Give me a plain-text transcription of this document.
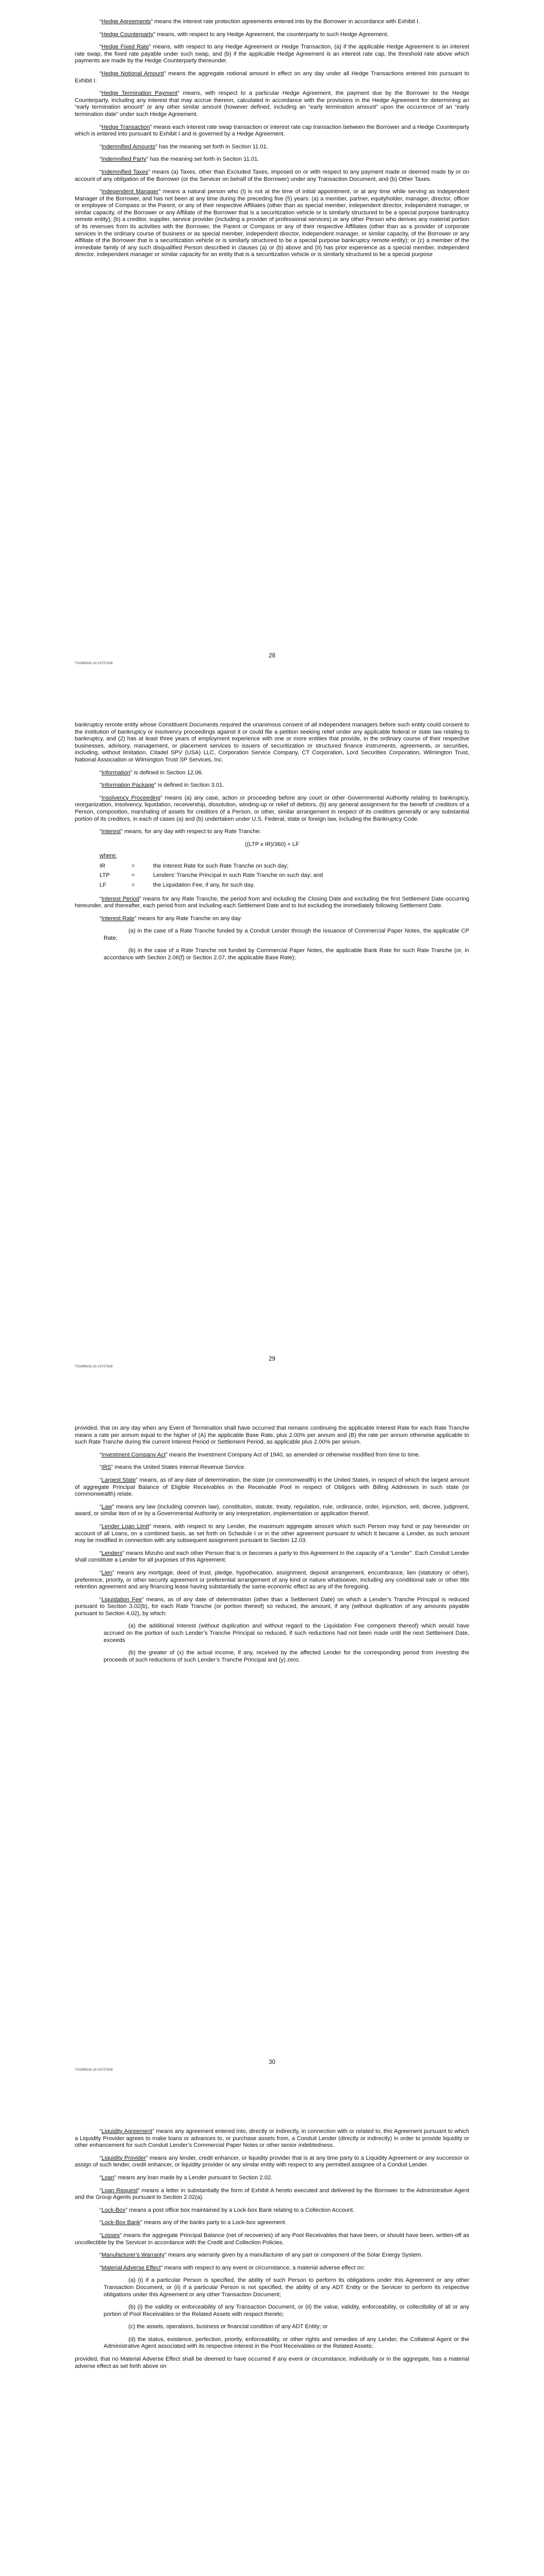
“Hedge Agreements” means the interest rate protection agreements entered into by the Borrower in accordance with Exhibit I.

“Hedge Counterparty” means, with respect to any Hedge Agreement, the counterparty to such Hedge Agreement.

“Hedge Fixed Rate” means, with respect to any Hedge Agreement or Hedge Transaction, (a) if the applicable Hedge Agreement is an interest rate swap, the fixed rate payable under such swap, and (b) if the applicable Hedge Agreement is an interest rate cap, the threshold rate above which payments are made by the Hedge Counterparty thereunder.

“Hedge Notional Amount” means the aggregate notional amount in effect on any day under all Hedge Transactions entered into pursuant to Exhibit I.

“Hedge Termination Payment” means, with respect to a particular Hedge Agreement, the payment due by the Borrower to the Hedge Counterparty, including any interest that may accrue thereon, calculated in accordance with the provisions in the Hedge Agreement for determining an “early termination amount” or any other similar amount (however defined, including an “early termination amount” upon the occurrence of an “early termination date” under such Hedge Agreement.

“Hedge Transaction” means each interest rate swap transaction or interest rate cap transaction between the Borrower and a Hedge Counterparty which is entered into pursuant to Exhibit I and is governed by a Hedge Agreement.

“Indemnified Amounts” has the meaning set forth in Section 11.01.

“Indemnified Party” has the meaning set forth in Section 11.01.

“Indemnified Taxes” means (a) Taxes, other than Excluded Taxes, imposed on or with respect to any payment made or deemed made by or on account of any obligation of the Borrower (or the Servicer on behalf of the Borrower) under any Transaction Document, and (b) Other Taxes.

“Independent Manager” means a natural person who (I) is not at the time of initial appointment, or at any time while serving as Independent Manager of the Borrower, and has not been at any time during the preceding five (5) years: (a) a member, partner, equityholder, manager, director, officer or employee of Compass or the Parent, or any of their respective Affiliates (other than as special member, independent director, independent manager, or similar capacity, of the Borrower or any Affiliate of the Borrower that is a securitization vehicle or is similarly structured to be a special purpose bankruptcy remote entity); (b) a creditor, supplier, service provider (including a provider of professional services) or any other Person who derives any material portion of its revenues from its activities with the Borrower, the Parent or Compass or any of their respective Affiliates (other than as a provider of corporate services in the ordinary course of business or as special member, independent director, independent manager, or similar capacity, of the Borrower or any Affiliate of the Borrower that is a securitization vehicle or is similarly structured to be a special purpose bankruptcy remote entity); or (c) a member of the immediate family of any such disqualified Person described in clauses (a) or (b) above and (II) has prior experience as a special member, independent director, independent manager or similar capacity for an entity that is a securitization vehicle or is similarly structured to be a special purpose

TS1495181.10 22727329
28

bankruptcy remote entity whose Constituent Documents required the unanimous consent of all independent managers before such entity could consent to the institution of bankruptcy or insolvency proceedings against it or could file a petition seeking relief under any applicable federal or state law relating to bankruptcy, and (2) has at least three years of employment experience with one or more entities that provide, in the ordinary course of their respective businesses, advisory, management, or placement services to issuers of securitization or structured finance instruments, agreements, or securities, including, without limitation, Citadel SPV (USA) LLC, Corporation Service Company, CT Corporation, Lord Securities Corporation, Wilmington Trust, National Association or Wilmington Trust SP Services, Inc.

“Information” is defined in Section 12.06.

“Information Package” is defined in Section 3.01.

“Insolvency Proceeding” means (a) any case, action or proceeding before any court or other Governmental Authority relating to bankruptcy, reorganization, insolvency, liquidation, receivership, dissolution, winding-up or relief of debtors, (b) any general assignment for the benefit of creditors of a Person, composition, marshaling of assets for creditors of a Person, or other, similar arrangement in respect of its creditors generally or any substantial portion of its creditors, in each of cases (a) and (b) undertaken under U.S. Federal, state or foreign law, including the Bankruptcy Code.

“Interest” means, for any day with respect to any Rate Tranche:

((LTP x IR)/360) + LF
where:
IR	=	the Interest Rate for such Rate Tranche on such day;
LTP	=	Lenders’ Tranche Principal in such Rate Tranche on such day; and
LF	=	the Liquidation Fee, if any, for such day.

“Interest Period” means for any Rate Tranche, the period from and including the Closing Date and excluding the first Settlement Date occurring hereunder, and thereafter, each period from and including each Settlement Date and to but excluding the immediately following Settlement Date.

“Interest Rate” means for any Rate Tranche on any day:

(a) in the case of a Rate Tranche funded by a Conduit Lender through the issuance of Commercial Paper Notes, the applicable CP Rate;

(b) in the case of a Rate Tranche not funded by Commercial Paper Notes, the applicable Bank Rate for such Rate Tranche (or, in accordance with Section 2.06(f) or Section 2.07, the applicable Base Rate);

TS1495181.10 22727329
29

provided, that on any day when any Event of Termination shall have occurred that remains continuing the applicable Interest Rate for each Rate Tranche means a rate per annum equal to the higher of (A) the applicable Base Rate, plus 2.00% per annum and (B) the rate per annum otherwise applicable to such Rate Tranche during the current Interest Period or Settlement Period, as applicable plus 2.00% per annum.

“Investment Company Act” means the Investment Company Act of 1940, as amended or otherwise modified from time to time.

“IRS” means the United States Internal Revenue Service.

“Largest State” means, as of any date of determination, the state (or commonwealth) in the United States, in respect of which the largest amount of aggregate Principal Balance of Eligible Receivables in the Receivable Pool in respect of Obligors with Billing Addresses in such state (or commonwealth) relate.

“Law” means any law (including common law), constitution, statute, treaty, regulation, rule, ordinance, order, injunction, writ, decree, judgment, award, or similar item of or by a Governmental Authority or any interpretation, implementation or application thereof.

“Lender Loan Limit” means, with respect to any Lender, the maximum aggregate amount which such Person may fund or pay hereunder on account of all Loans, on a combined basis, as set forth on Schedule I or in the other agreement pursuant to which it became a Lender, as such amount may be modified in connection with any subsequent assignment pursuant to Section 12.03.

“Lenders” means Mizuho and each other Person that is or becomes a party to this Agreement in the capacity of a “Lender”. Each Conduit Lender shall constitute a Lender for all purposes of this Agreement.

“Lien” means any mortgage, deed of trust, pledge, hypothecation, assignment, deposit arrangement, encumbrance, lien (statutory or other), preference, priority, or other security agreement or preferential arrangement of any kind or nature whatsoever, including any conditional sale or other title retention agreement and any financing lease having substantially the same economic effect as any of the foregoing.

“Liquidation Fee” means, as of any date of determination (other than a Settlement Date) on which a Lender’s Tranche Principal is reduced pursuant to Section 3.02(b), for each Rate Tranche (or portion thereof) so reduced, the amount, if any (without duplication of any amounts payable pursuant to Section 4.02), by which:

(a) the additional Interest (without duplication and without regard to the Liquidation Fee component thereof) which would have accrued on the portion of such Lender’s Tranche Principal so reduced, if such reductions had not been made until the next Settlement Date, exceeds

(b) the greater of (x) the actual income, if any, received by the affected Lender for the corresponding period from investing the proceeds of such reductions of such Lender’s Tranche Principal and (y) zero.

TS1495181.10 22727329
30

“Liquidity Agreement” means any agreement entered into, directly or indirectly, in connection with or related to, this Agreement pursuant to which a Liquidity Provider agrees to make loans or advances to, or purchase assets from, a Conduit Lender (directly or indirectly) in order to provide liquidity or other enhancement for such Conduit Lender’s Commercial Paper Notes or other senior indebtedness.

“Liquidity Provider” means any lender, credit enhancer, or liquidity provider that is at any time party to a Liquidity Agreement or any successor or assign of such lender, credit enhancer, or liquidity provider or any similar entity with respect to any permitted assignee of a Conduit Lender.

“Loan” means any loan made by a Lender pursuant to Section 2.02.

“Loan Request” means a letter in substantially the form of Exhibit A hereto executed and delivered by the Borrower to the Administrative Agent and the Group Agents pursuant to Section 2.02(a).

“Lock-Box” means a post office box maintained by a Lock-box Bank relating to a Collection Account.

“Lock-Box Bank” means any of the banks party to a Lock-box agreement.

“Losses” means the aggregate Principal Balance (net of recoveries) of any Pool Receivables that have been, or should have been, written-off as uncollectible by the Servicer in accordance with the Credit and Collection Policies.

“Manufacturer’s Warranty” means any warranty given by a manufacturer of any part or component of the Solar Energy System.

“Material Adverse Effect” means with respect to any event or circumstance, a material adverse effect on:

(a) (i) if a particular Person is specified, the ability of such Person to perform its obligations under this Agreement or any other Transaction Document, or (ii) if a particular Person is not specified, the ability of any ADT Entity or the Servicer to perform its respective obligations under this Agreement or any other Transaction Document;

(b) (i) the validity or enforceability of any Transaction Document, or (ii) the value, validity, enforceability, or collectibility of all or any portion of Pool Receivables or the Related Assets with respect thereto;

(c) the assets, operations, business or financial condition of any ADT Entity; or

(d) the status, existence, perfection, priority, enforceability, or other rights and remedies of any Lender, the Collateral Agent or the Administrative Agent associated with its respective interest in the Pool Receivables or the Related Assets;

provided, that no Material Adverse Effect shall be deemed to have occurred if any event or circumstance, individually or in the aggregate, has a material adverse effect as set forth above on
